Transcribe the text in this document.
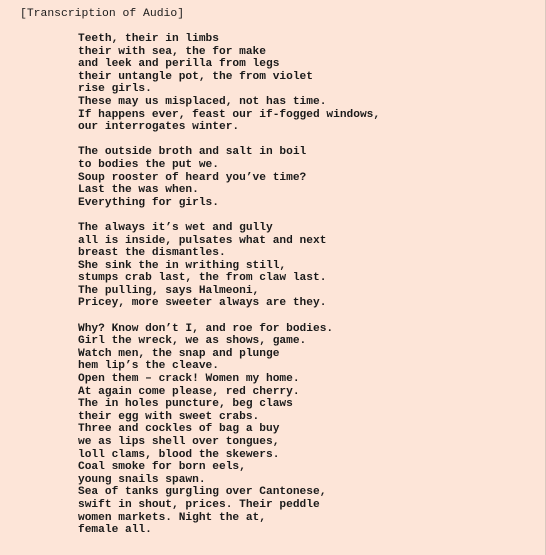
[Transcription of Audio]
Teeth, their in limbs
their with sea, the for make
and leek and perilla from legs
their untangle pot, the from violet
rise girls.
These may us misplaced, not has time.
If happens ever, feast our if-fogged windows,
our interrogates winter.
The outside broth and salt in boil
to bodies the put we.
Soup rooster of heard you’ve time?
Last the was when.
Everything for girls.
The always it’s wet and gully
all is inside, pulsates what and next
breast the dismantles.
She sink the in writhing still,
stumps crab last, the from claw last.
The pulling, says Halmeoni,
Pricey, more sweeter always are they.
Why? Know don’t I, and roe for bodies.
Girl the wreck, we as shows, game.
Watch men, the snap and plunge
hem lip’s the cleave.
Open them – crack! Women my home.
At again come please, red cherry.
The in holes puncture, beg claws
their egg with sweet crabs.
Three and cockles of bag a buy
we as lips shell over tongues,
loll clams, blood the skewers.
Coal smoke for born eels,
young snails spawn.
Sea of tanks gurgling over Cantonese,
swift in shout, prices. Their peddle
women markets. Night the at,
female all.
